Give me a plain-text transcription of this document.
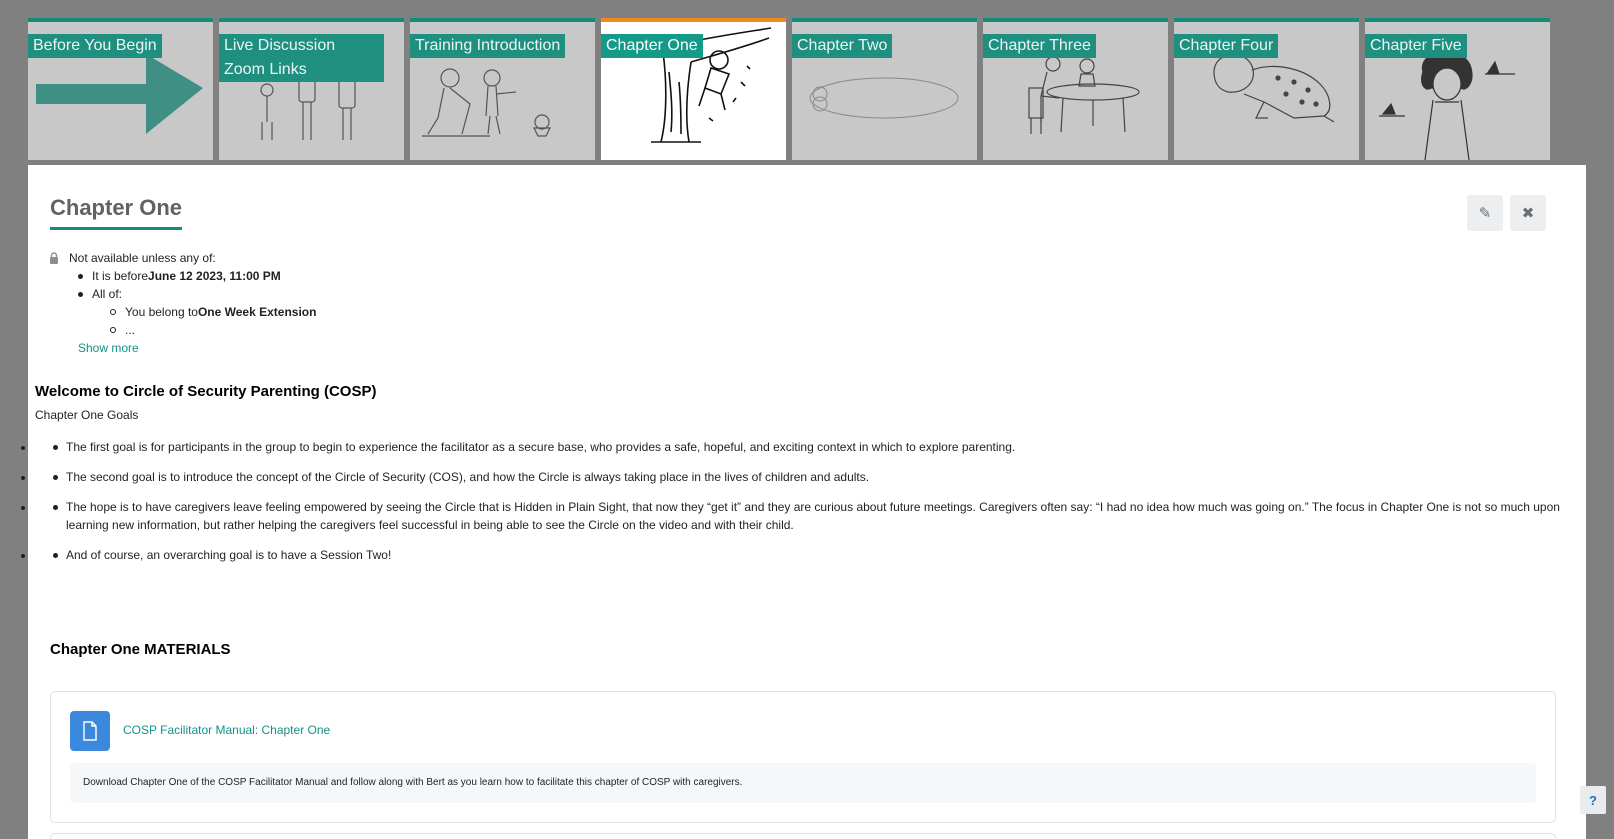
Before You Begin	Live Discussion Zoom Links
Training Introduction	Chapter One	Chapter Two	Chapter Three	Chapter Four	Chapter Five
Chapter One	✎ ✖
Not available unless any of:
It is before June 12 2023, 11:00 PM
All of:
You belong to One Week Extension
...
Show more
Welcome to Circle of Security Parenting (COSP)

Chapter One Goals

• The first goal is for participants in the group to begin to experience the facilitator as a secure base, who provides a safe, hopeful, and exciting context in which to explore parenting.
• The second goal is to introduce the concept of the Circle of Security (COS), and how the Circle is always taking place in the lives of children and adults.
• The hope is to have caregivers leave feeling empowered by seeing the Circle that is Hidden in Plain Sight, that now they “get it” and they are curious about future meetings. Caregivers often say: “I had no idea how much was going on.” The focus in Chapter One is not so much upon learning new information, but rather helping the caregivers feel successful in being able to see the Circle on the video and with their child.
• And of course, an overarching goal is to have a Session Two!
Chapter One MATERIALS
COSP Facilitator Manual: Chapter One
Download Chapter One of the COSP Facilitator Manual and follow along with Bert as you learn how to facilitate this chapter of COSP with caregivers.
?
